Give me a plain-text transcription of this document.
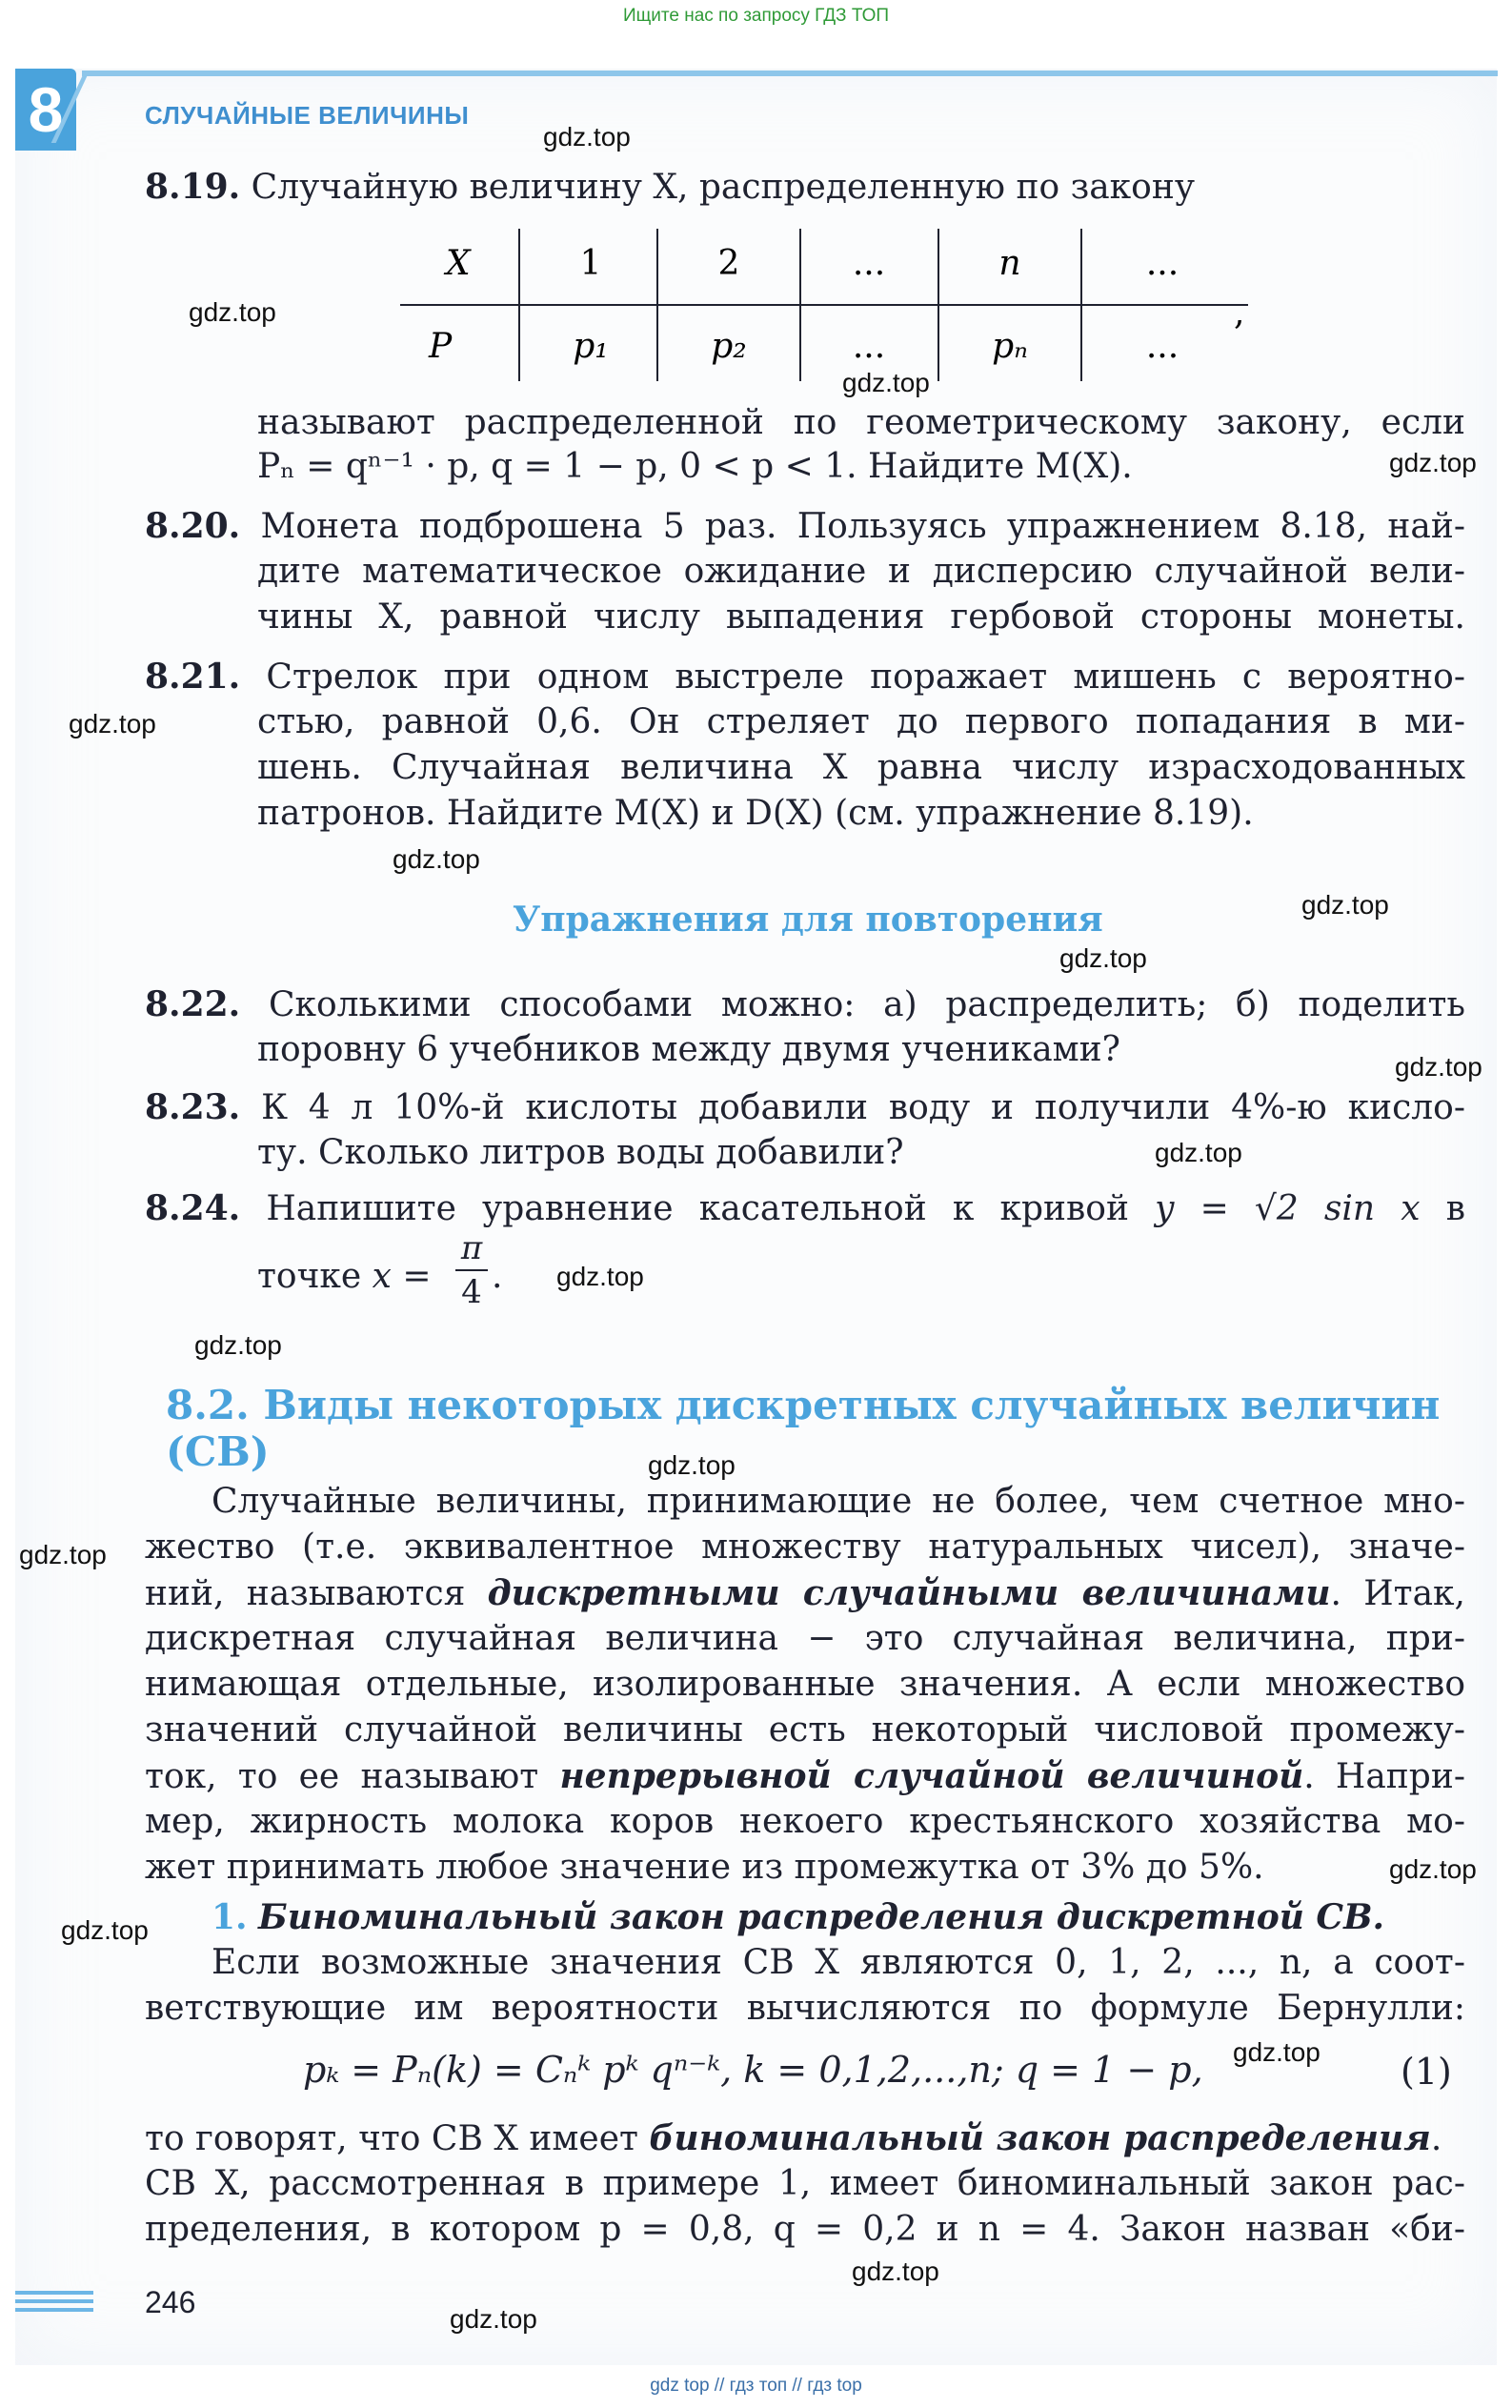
Ищите нас по запросу ГДЗ ТОП
8	СЛУЧАЙНЫЕ ВЕЛИЧИНЫ
8.19. Случайную величину X, распределенную по закону
X	1	2	...	n	...
,
P	p₁	p₂	...	pₙ	...
называют распределенной по геометрическому закону, если
Pₙ = qⁿ⁻¹ · p, q = 1 − p, 0 < p < 1. Найдите M(X).
8.20. Монета подброшена 5 раз. Пользуясь упражнением 8.18, най-
дите математическое ожидание и дисперсию случайной вели-
чины X, равной числу выпадения гербовой стороны монеты.
8.21. Стрелок при одном выстреле поражает мишень с вероятно-
стью, равной 0,6. Он стреляет до первого попадания в ми-
шень. Случайная величина X равна числу израсходованных
патронов. Найдите M(X) и D(X) (см. упражнение 8.19).
Упражнения для повторения
8.22. Сколькими способами можно: а) распределить; б) поделить
поровну 6 учебников между двумя учениками?
8.23. К 4 л 10%-й кислоты добавили воду и получили 4%-ю кисло-
ту. Сколько литров воды добавили?
8.24. Напишите уравнение касательной к кривой y = √2 sin x в
точке x =
π
4 .
8.2. Виды некоторых дискретных случайных величин (СВ)
Случайные величины, принимающие не более, чем счетное мно-
жество (т.е. эквивалентное множеству натуральных чисел), значе-
ний, называются дискретными случайными величинами. Итак,
дискретная случайная величина − это случайная величина, при-
нимающая отдельные, изолированные значения. А если множество
значений случайной величины есть некоторый числовой промежу-
ток, то ее называют непрерывной случайной величиной. Напри-
мер, жирность молока коров некоего крестьянского хозяйства мо-
жет принимать любое значение из промежутка от 3% до 5%.
1. Биноминальный закон распределения дискретной СВ.
Если возможные значения СВ X являются 0, 1, 2, ..., n, а соот-
ветствующие им вероятности вычисляются по формуле Бернулли:
pₖ = Pₙ(k) = Cₙᵏ pᵏ qⁿ⁻ᵏ, k = 0,1,2,...,n; q = 1 − p,	(1)
то говорят, что СВ X имеет биноминальный закон распределения.
СВ X, рассмотренная в примере 1, имеет биноминальный закон рас-
пределения, в котором p = 0,8, q = 0,2 и n = 4. Закон назван «би-
246
gdz.top
gdz.top
gdz.top
gdz.top
gdz.top
gdz.top
gdz.top
gdz.top
gdz.top
gdz.top
gdz.top
gdz.top
gdz.top
gdz.top
gdz.top
gdz.top
gdz.top
gdz.top
gdz.top
gdz top // гдз топ // гдз top
